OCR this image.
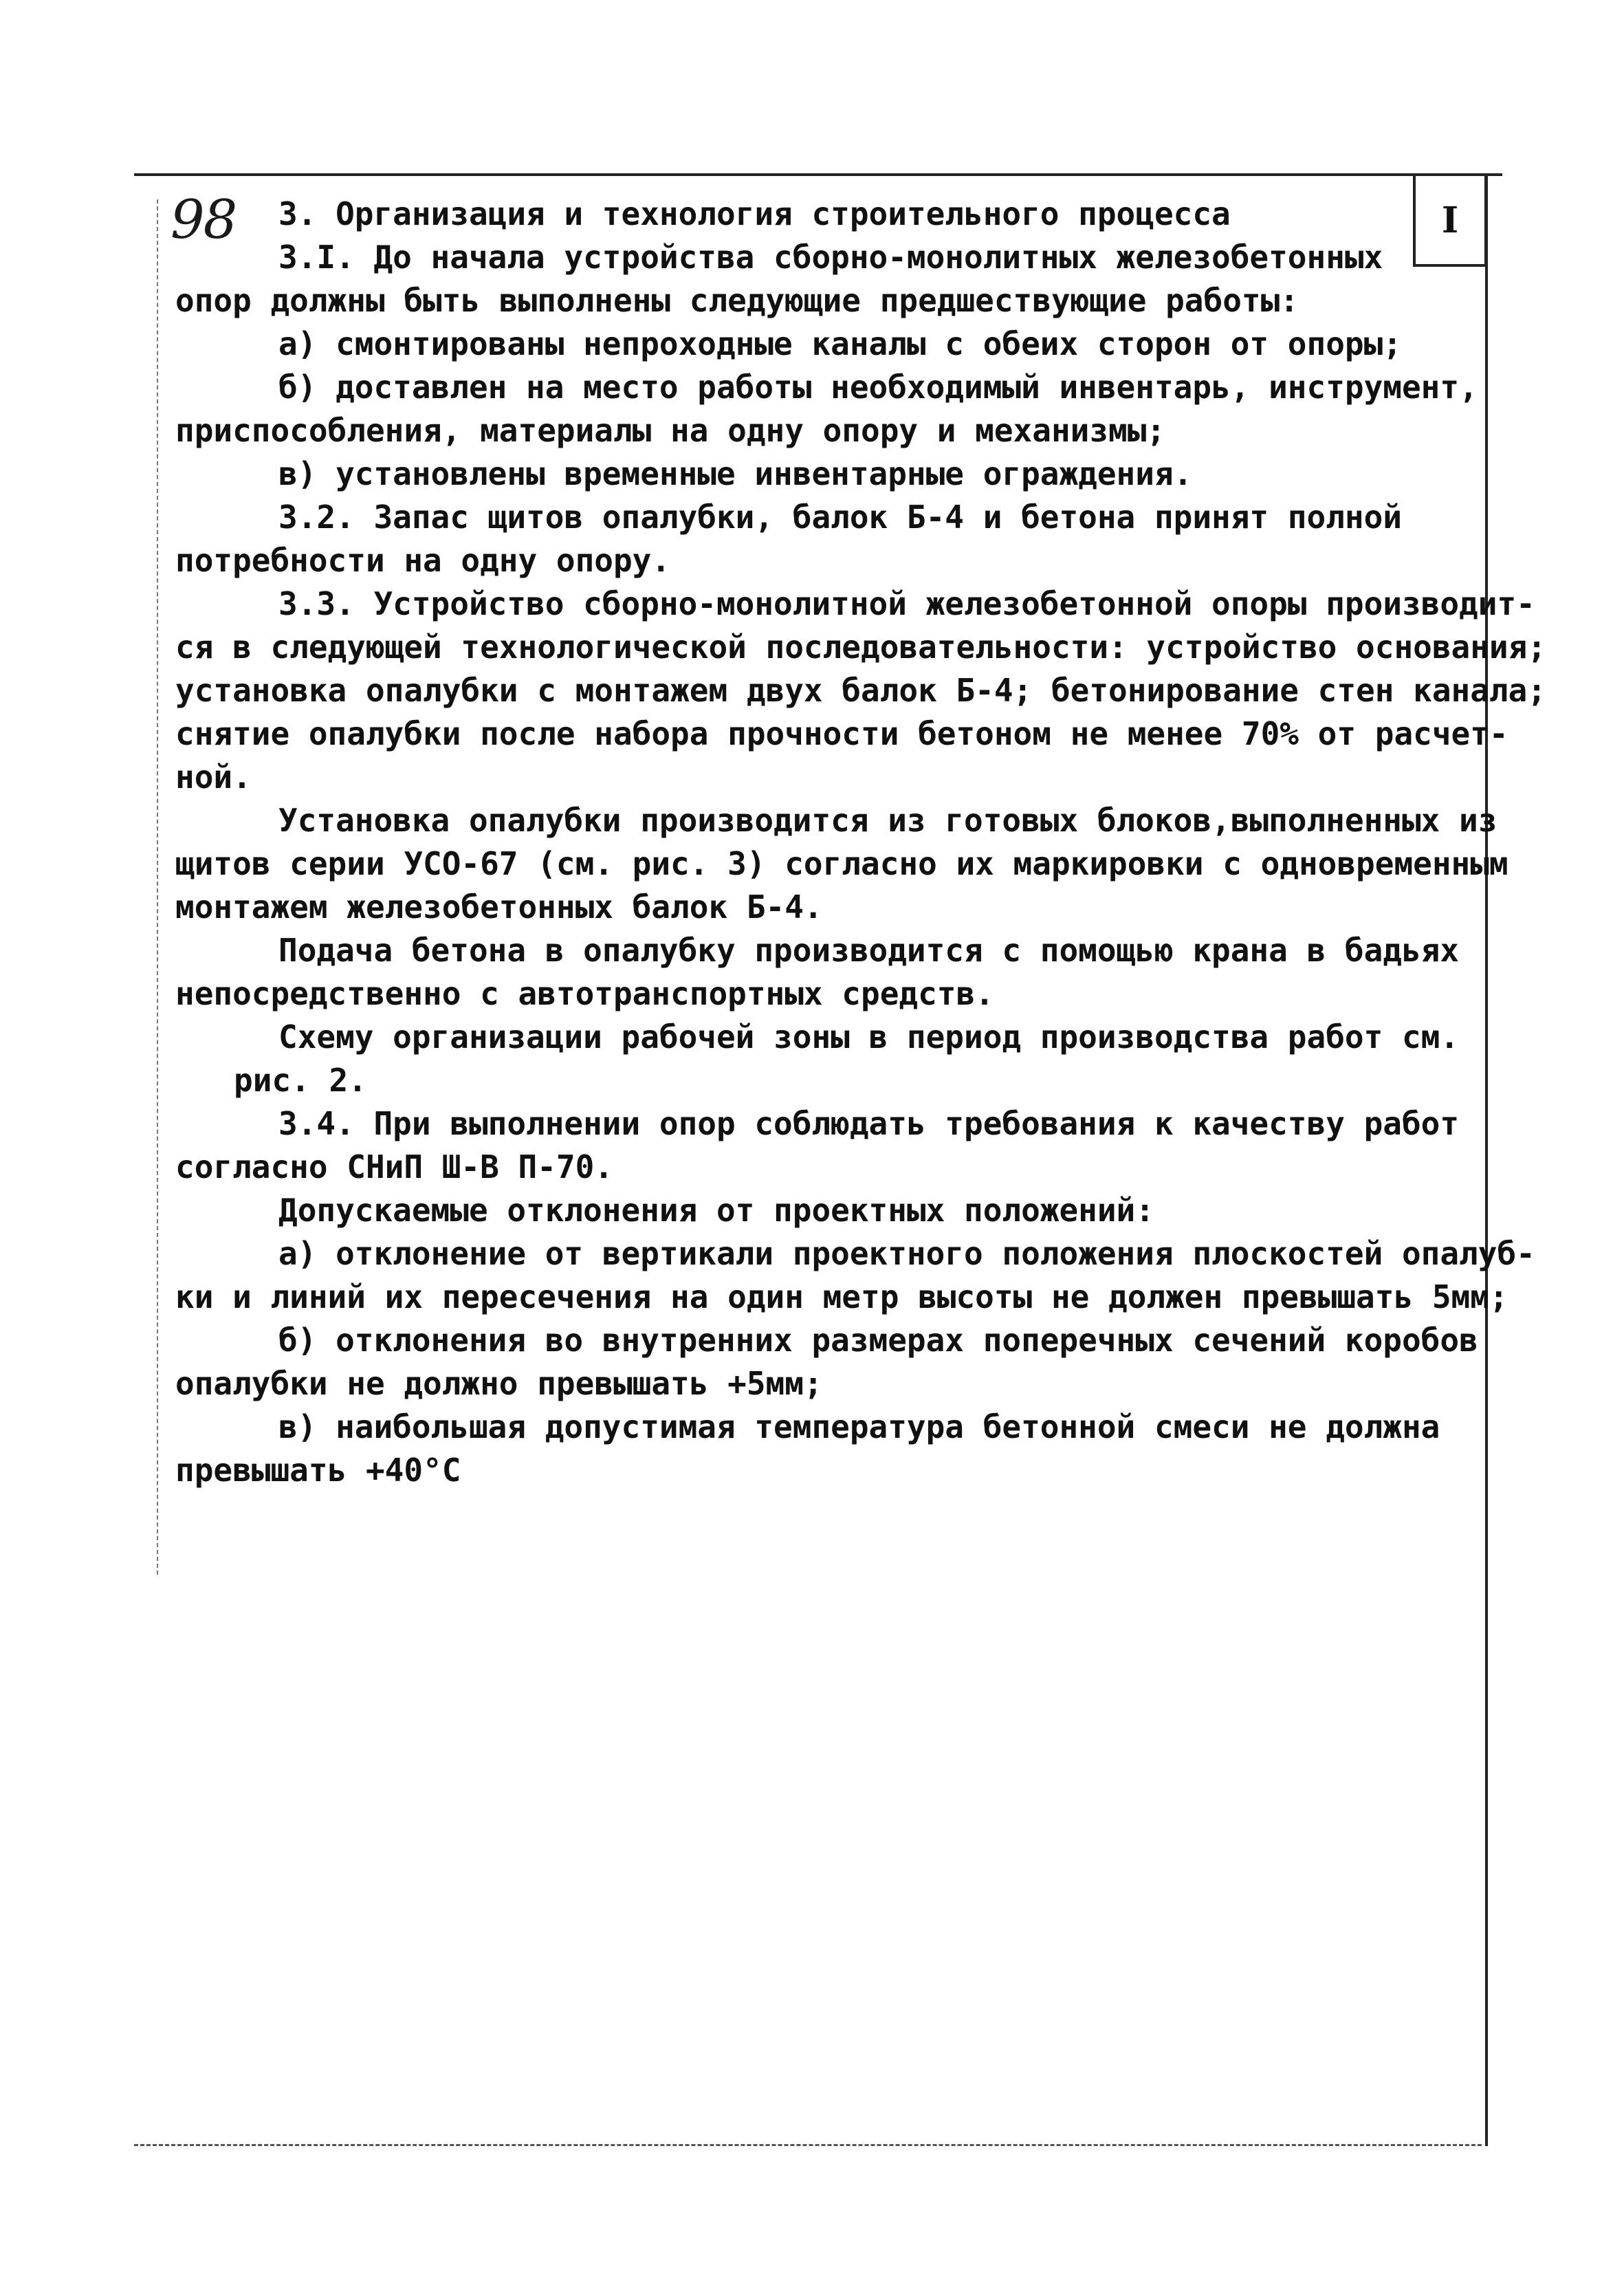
I
98	3. Организация и технология строительного процесса
3.I. До начала устройства сборно-монолитных железобетонных
опор должны быть выполнены следующие предшествующие работы:
а) смонтированы непроходные каналы с обеих сторон от опоры;
б) доставлен на место работы необходимый инвентарь, инструмент,
приспособления, материалы на одну опору и механизмы;
в) установлены временные инвентарные ограждения.
3.2. Запас щитов опалубки, балок Б-4 и бетона принят полной
потребности на одну опору.
3.3. Устройство сборно-монолитной железобетонной опоры производит-
ся в следующей технологической последовательности: устройство основания;
установка опалубки с монтажем двух балок Б-4; бетонирование стен канала;
снятие опалубки после набора прочности бетоном не менее 70% от расчет-
ной.
Установка опалубки производится из готовых блоков,выполненных из
щитов серии УСО-67 (см. рис. 3) согласно их маркировки с одновременным
монтажем железобетонных балок Б-4.
Подача бетона в опалубку производится с помощью крана в бадьях
непосредственно с автотранспортных средств.
Схему организации рабочей зоны в период производства работ см.
рис. 2.
3.4. При выполнении опор соблюдать требования к качеству работ
согласно СНиП Ш-В П-70.
Допускаемые отклонения от проектных положений:
а) отклонение от вертикали проектного положения плоскостей опалуб-
ки и линий их пересечения на один метр высоты не должен превышать 5мм;
б) отклонения во внутренних размерах поперечных сечений коробов
опалубки не должно превышать +5мм;
в) наибольшая допустимая температура бетонной смеси не должна
превышать +40°С
